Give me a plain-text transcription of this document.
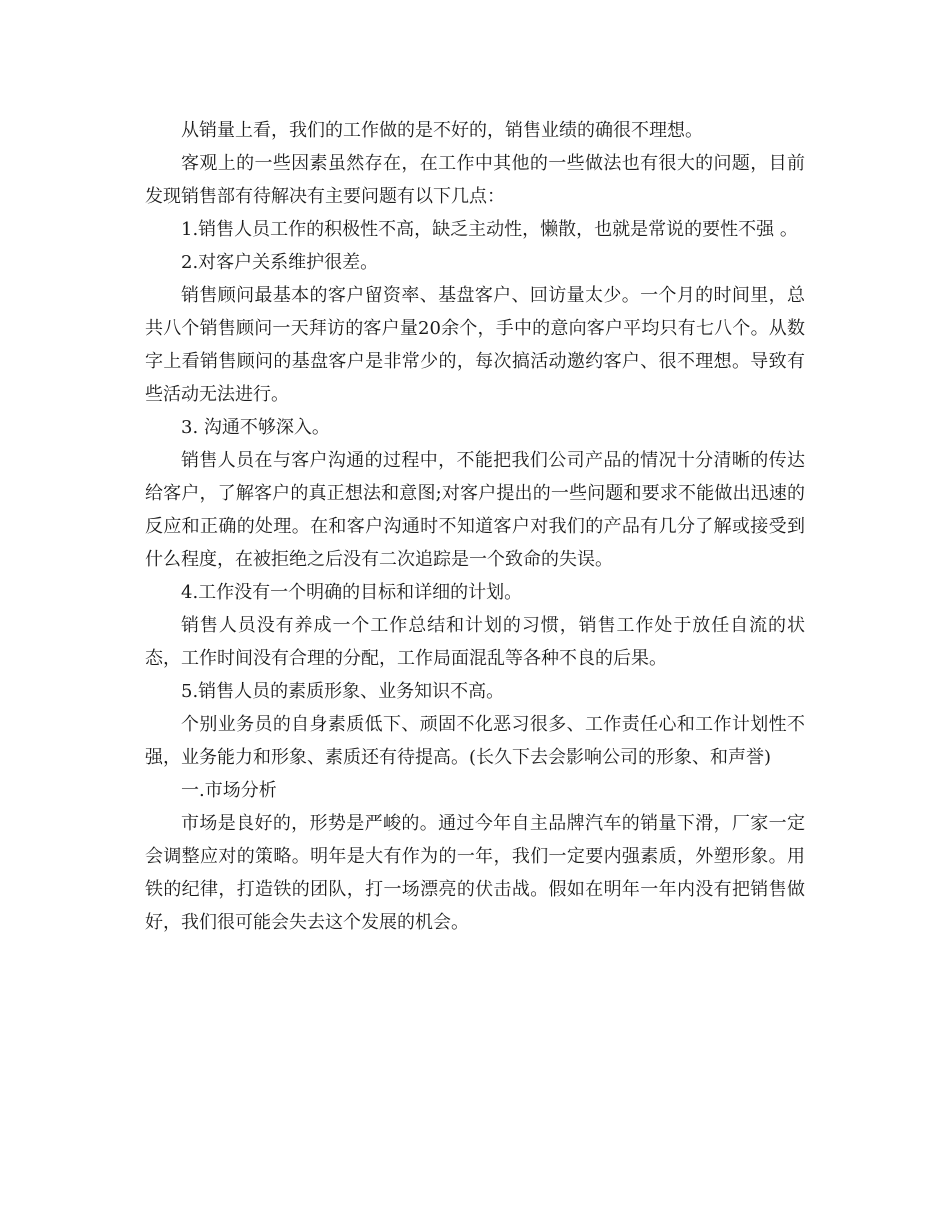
从销量上看，我们的工作做的是不好的，销售业绩的确很不理想。

客观上的一些因素虽然存在，在工作中其他的一些做法也有很大的问题，目前发现销售部有待解决有主要问题有以下几点：

1.销售人员工作的积极性不高，缺乏主动性，懒散，也就是常说的要性不强 。

2.对客户关系维护很差。

销售顾问最基本的客户留资率、基盘客户、回访量太少。一个月的时间里，总共八个销售顾问一天拜访的客户量20余个，手中的意向客户平均只有七八个。从数字上看销售顾问的基盘客户是非常少的，每次搞活动邀约客户、很不理想。导致有些活动无法进行。

3. 沟通不够深入。

销售人员在与客户沟通的过程中，不能把我们公司产品的情况十分清晰的传达给客户，了解客户的真正想法和意图;对客户提出的一些问题和要求不能做出迅速的反应和正确的处理。在和客户沟通时不知道客户对我们的产品有几分了解或接受到什么程度，在被拒绝之后没有二次追踪是一个致命的失误。

4.工作没有一个明确的目标和详细的计划。

销售人员没有养成一个工作总结和计划的习惯，销售工作处于放任自流的状态，工作时间没有合理的分配，工作局面混乱等各种不良的后果。

5.销售人员的素质形象、业务知识不高。

个别业务员的自身素质低下、顽固不化恶习很多、工作责任心和工作计划性不强，业务能力和形象、素质还有待提高。(长久下去会影响公司的形象、和声誉)

一.市场分析

市场是良好的，形势是严峻的。通过今年自主品牌汽车的销量下滑，厂家一定会调整应对的策略。明年是大有作为的一年，我们一定要内强素质，外塑形象。用铁的纪律，打造铁的团队，打一场漂亮的伏击战。假如在明年一年内没有把销售做好，我们很可能会失去这个发展的机会。
